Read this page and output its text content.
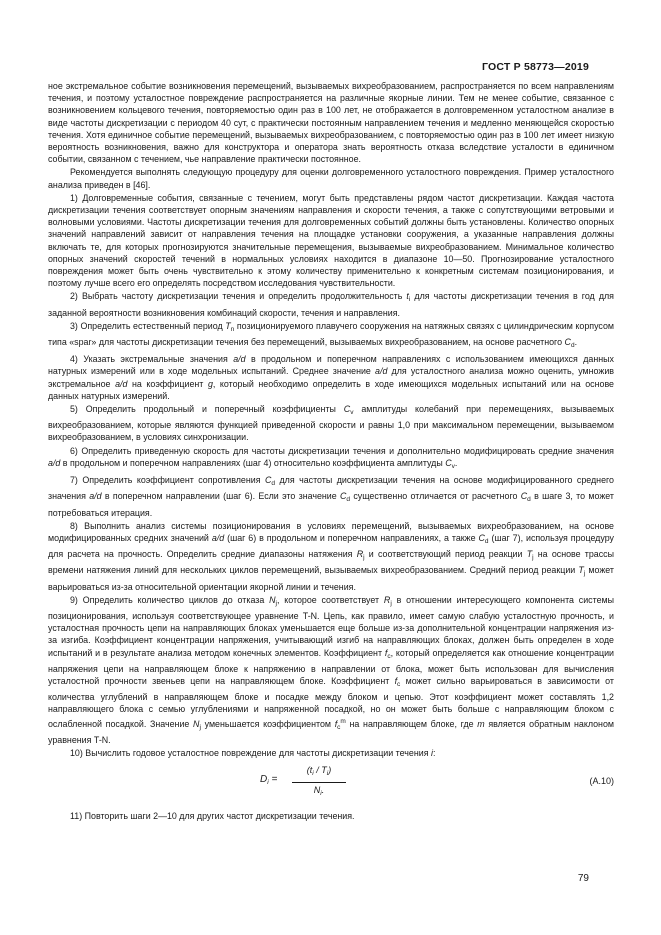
ГОСТ Р 58773—2019

ное экстремальное событие возникновения перемещений, вызываемых вихреобразованием, распространяется по всем направлениям течения, и поэтому усталостное повреждение распространяется на различные якорные линии. Тем не менее событие, связанное с возникновением кольцевого течения, повторяемостью один раз в 100 лет, не отображается в долговременном усталостном анализе в виде частоты дискретизации с периодом 40 сут, с практически постоянным направлением течения и медленно меняющейся скоростью течения. Хотя единичное событие перемещений, вызываемых вихреобразованием, с повторяемостью один раз в 100 лет имеет низкую вероятность возникновения, важно для конструктора и оператора знать вероятность отказа вследствие усталости в единичном событии, связанном с течением, чье направление практически постоянное.

Рекомендуется выполнять следующую процедуру для оценки долговременного усталостного повреждения. Пример усталостного анализа приведен в [46].

1) Долговременные события, связанные с течением, могут быть представлены рядом частот дискретизации. Каждая частота дискретизации течения соответствует опорным значениям направления и скорости течения, а также с сопутствующими ветровыми и волновыми условиями. Частоты дискретизации течения для долговременных событий должны быть установлены. Количество опорных значений направлений зависит от направления течения на площадке установки сооружения, а указанные направления должны включать те, для которых прогнозируются значительные перемещения, вызываемые вихреобразованием. Минимальное количество опорных значений скоростей течений в нормальных условиях находится в диапазоне 10—50. Прогнозирование усталостного повреждения может быть очень чувствительно к этому количеству применительно к конкретным системам позиционирования, и поэтому лучше всего его определять посредством исследования чувствительности.

2) Выбрать частоту дискретизации течения и определить продолжительность $t_i$ для частоты дискретизации течения в год для заданной вероятности возникновения комбинаций скорости, течения и направления.

3) Определить естественный период $T_n$ позиционируемого плавучего сооружения на натяжных связях с цилиндрическим корпусом типа «spar» для частоты дискретизации течения без перемещений, вызываемых вихреобразованием, на основе расчетного $C_d$.

4) Указать экстремальные значения a/d в продольном и поперечном направлениях с использованием имеющихся данных натурных измерений или в ходе модельных испытаний. Среднее значение a/d для усталостного анализа можно оценить, умножив экстремальное a/d на коэффициент g, который необходимо определить в ходе имеющихся модельных испытаний или на основе данных натурных измерений.

5) Определить продольный и поперечный коэффициенты $C_v$ амплитуды колебаний при перемещениях, вызываемых вихреобразованием, которые являются функцией приведенной скорости и равны 1,0 при максимальном перемещении, вызываемом вихреобразованием, в условиях синхронизации.

6) Определить приведенную скорость для частоты дискретизации течения и дополнительно модифицировать средние значения a/d в продольном и поперечном направлениях (шаг 4) относительно коэффициента амплитуды $C_v$.

7) Определить коэффициент сопротивления $C_d$ для частоты дискретизации течения на основе модифицированного среднего значения a/d в поперечном направлении (шаг 6). Если это значение $C_d$ существенно отличается от расчетного $C_d$ в шаге 3, то может потребоваться итерация.

8) Выполнить анализ системы позиционирования в условиях перемещений, вызываемых вихреобразованием, на основе модифицированных средних значений a/d (шаг 6) в продольном и поперечном направлениях, а также $C_d$ (шаг 7), используя процедуру для расчета на прочность. Определить средние диапазоны натяжения $R_j$ и соответствующий период реакции $T_j$ на основе трассы времени натяжения линий для нескольких циклов перемещений, вызываемых вихреобразованием. Средний период реакции $T_j$ может варьироваться из-за относительной ориентации якорной линии и течения.

9) Определить количество циклов до отказа $N_j$, которое соответствует $R_j$ в отношении интересующего компонента системы позиционирования, используя соответствующее уравнение T-N. Цепь, как правило, имеет самую слабую усталостную прочность, и усталостная прочность цепи на направляющих блоках уменьшается еще больше из-за дополнительной концентрации напряжения из-за изгиба. Коэффициент концентрации напряжения, учитывающий изгиб на направляющих блоках, должен быть определен в ходе испытаний и в результате анализа методом конечных элементов. Коэффициент $f_c$, который определяется как отношение концентрации напряжения цепи на направляющем блоке к напряжению в направлении от блока, может быть использован для вычисления усталостной прочности звеньев цепи на направляющем блоке. Коэффициент $f_c$ может сильно варьироваться в зависимости от количества углублений в направляющем блоке и посадке между блоком и цепью. Этот коэффициент может составлять 1,2 направляющего блока с семью углублениями и напряженной посадкой, но он может быть больше с направляющим блоком с ослабленной посадкой. Значение $N_j$ уменьшается коэффициентом $f_c^m$ на направляющем блоке, где m является обратным наклоном уравнения T-N.

10) Вычислить годовое усталостное повреждение для частоты дискретизации течения i:

$D_i = \frac{(t_i / T_i)}{N_i.}$	(А.10)

11) Повторить шаги 2—10 для других частот дискретизации течения.

79
